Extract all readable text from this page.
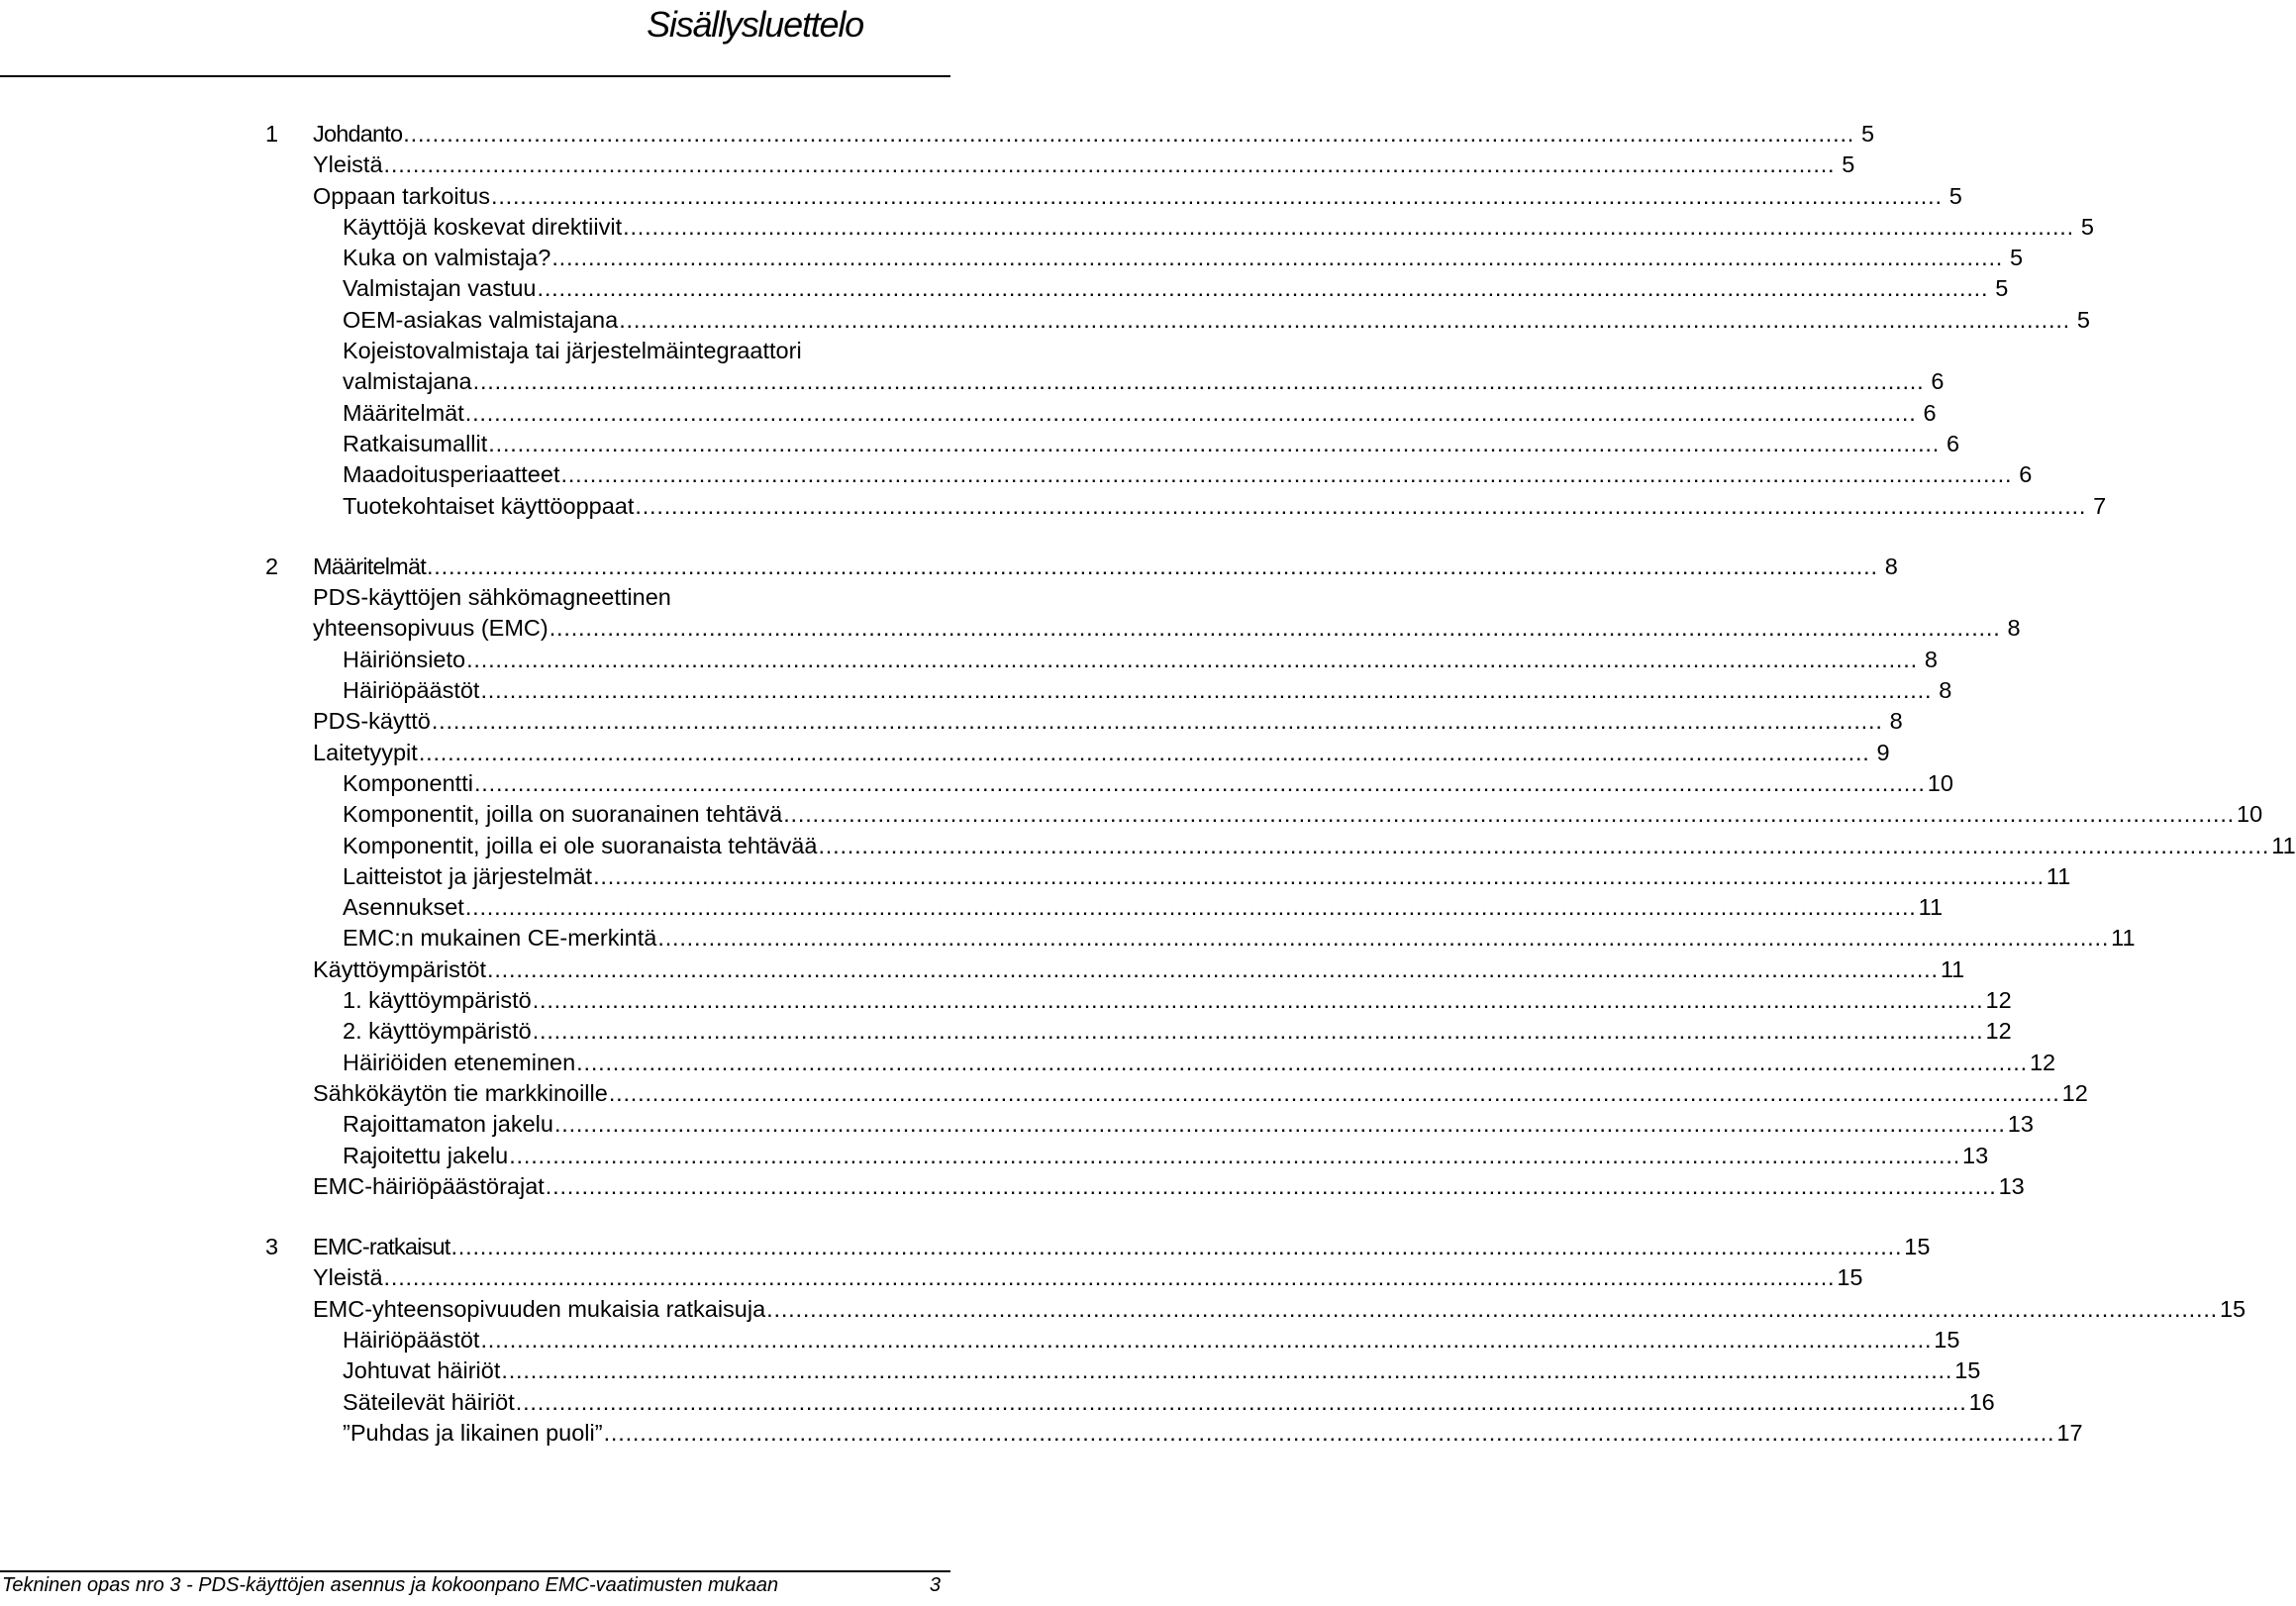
Sisällysluettelo
1 Johdanto ........................................................................................................................................................................................................ 5
Yleistä ........................................................................................................................................................................................................ 5
Oppaan tarkoitus ........................................................................................................................................................................................................ 5
Käyttöjä koskevat direktiivit ........................................................................................................................................................................................................ 5
Kuka on valmistaja? ........................................................................................................................................................................................................ 5
Valmistajan vastuu ........................................................................................................................................................................................................ 5
OEM-asiakas valmistajana ........................................................................................................................................................................................................ 5
Kojeistovalmistaja tai järjestelmäintegraattori
valmistajana ........................................................................................................................................................................................................ 6
Määritelmät ........................................................................................................................................................................................................ 6
Ratkaisumallit ........................................................................................................................................................................................................ 6
Maadoitusperiaatteet ........................................................................................................................................................................................................ 6
Tuotekohtaiset käyttöoppaat ........................................................................................................................................................................................................ 7
2 Määritelmät ........................................................................................................................................................................................................ 8
PDS-käyttöjen sähkömagneettinen
yhteensopivuus (EMC) ........................................................................................................................................................................................................ 8
Häiriönsieto ........................................................................................................................................................................................................ 8
Häiriöpäästöt ........................................................................................................................................................................................................ 8
PDS-käyttö ........................................................................................................................................................................................................ 8
Laitetyypit ........................................................................................................................................................................................................ 9
Komponentti ........................................................................................................................................................................................................ 10
Komponentit, joilla on suoranainen tehtävä ........................................................................................................................................................................................................ 10
Komponentit, joilla ei ole suoranaista tehtävää ........................................................................................................................................................................................................ 11
Laitteistot ja järjestelmät ........................................................................................................................................................................................................ 11
Asennukset ........................................................................................................................................................................................................ 11
EMC:n mukainen CE-merkintä ........................................................................................................................................................................................................ 11
Käyttöympäristöt ........................................................................................................................................................................................................ 11
1. käyttöympäristö ........................................................................................................................................................................................................ 12
2. käyttöympäristö ........................................................................................................................................................................................................ 12
Häiriöiden eteneminen ........................................................................................................................................................................................................ 12
Sähkökäytön tie markkinoille ........................................................................................................................................................................................................ 12
Rajoittamaton jakelu ........................................................................................................................................................................................................ 13
Rajoitettu jakelu ........................................................................................................................................................................................................ 13
EMC-häiriöpäästörajat ........................................................................................................................................................................................................ 13
3 EMC-ratkaisut ........................................................................................................................................................................................................ 15
Yleistä ........................................................................................................................................................................................................ 15
EMC-yhteensopivuuden mukaisia ratkaisuja ........................................................................................................................................................................................................ 15
Häiriöpäästöt ........................................................................................................................................................................................................ 15
Johtuvat häiriöt ........................................................................................................................................................................................................ 15
Säteilevät häiriöt ........................................................................................................................................................................................................ 16
”Puhdas ja likainen puoli” ........................................................................................................................................................................................................ 17
Tekninen opas nro 3 - PDS-käyttöjen asennus ja kokoonpano EMC-vaatimusten mukaan	3
